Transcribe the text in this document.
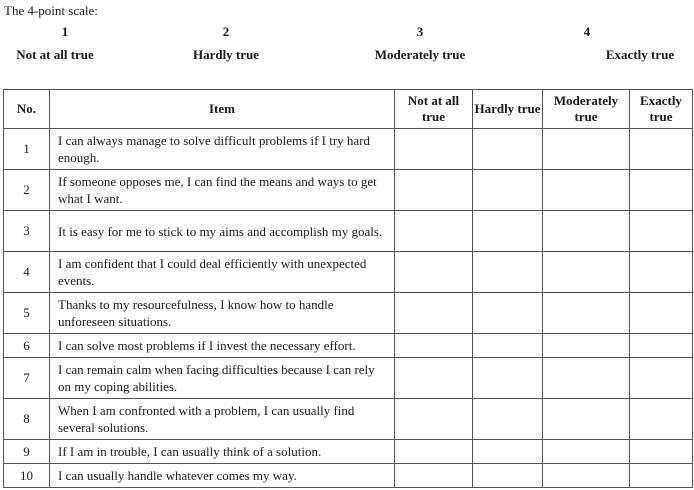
The 4-point scale:
1
Not at all true
2
Hardly true
3
Moderately true
4
Exactly true
No.	Item	Not at all true	Hardly true	Moderately true	Exactly true
1	I can always manage to solve difficult problems if I try hard enough.				
2	If someone opposes me, I can find the means and ways to get what I want.				
3	It is easy for me to stick to my aims and accomplish my goals.				
4	I am confident that I could deal efficiently with unexpected events.				
5	Thanks to my resourcefulness, I know how to handle unforeseen situations.				
6	I can solve most problems if I invest the necessary effort.				
7	I can remain calm when facing difficulties because I can rely on my coping abilities.				
8	When I am confronted with a problem, I can usually find several solutions.				
9	If I am in trouble, I can usually think of a solution.				
10	I can usually handle whatever comes my way.				
